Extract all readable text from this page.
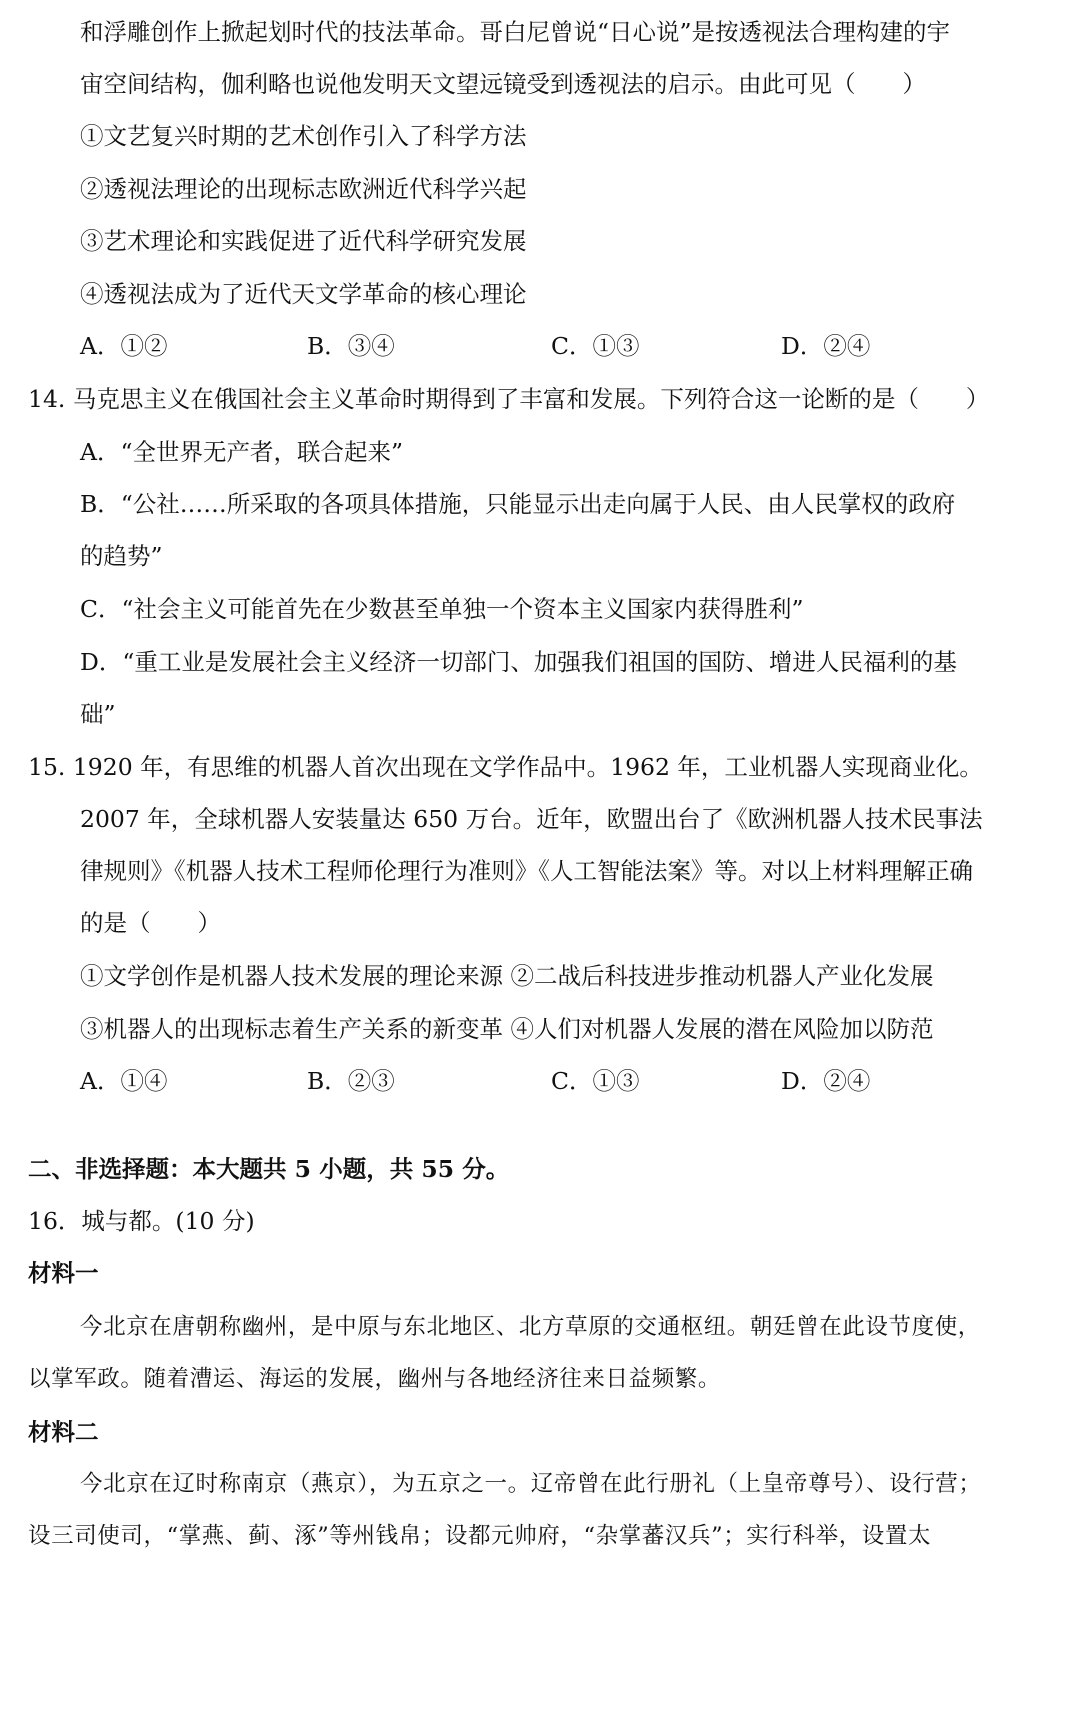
和浮雕创作上掀起划时代的技法革命。哥白尼曾说“日心说”是按透视法合理构建的宇
宙空间结构，伽利略也说他发明天文望远镜受到透视法的启示。由此可见（　　）
①文艺复兴时期的艺术创作引入了科学方法
②透视法理论的出现标志欧洲近代科学兴起
③艺术理论和实践促进了近代科学研究发展
④透视法成为了近代天文学革命的核心理论
A．①②	B．③④	C．①③	D．②④
14. 马克思主义在俄国社会主义革命时期得到了丰富和发展。下列符合这一论断的是（　　）
A．“全世界无产者，联合起来”
B．“公社……所采取的各项具体措施，只能显示出走向属于人民、由人民掌权的政府
的趋势”
C．“社会主义可能首先在少数甚至单独一个资本主义国家内获得胜利”
D．“重工业是发展社会主义经济一切部门、加强我们祖国的国防、增进人民福利的基
础”
15. 1920 年，有思维的机器人首次出现在文学作品中。1962 年，工业机器人实现商业化。
2007 年，全球机器人安装量达 650 万台。近年，欧盟出台了《欧洲机器人技术民事法
律规则》《机器人技术工程师伦理行为准则》《人工智能法案》等。对以上材料理解正确
的是（　　）
①文学创作是机器人技术发展的理论来源 ②二战后科技进步推动机器人产业化发展
③机器人的出现标志着生产关系的新变革 ④人们对机器人发展的潜在风险加以防范
A．①④	B．②③	C．①③	D．②④
二、非选择题：本大题共 5 小题，共 55 分。
16．城与都。(10 分)
材料一
今北京在唐朝称幽州，是中原与东北地区、北方草原的交通枢纽。朝廷曾在此设节度使，
以掌军政。随着漕运、海运的发展，幽州与各地经济往来日益频繁。
材料二
今北京在辽时称南京（燕京），为五京之一。辽帝曾在此行册礼（上皇帝尊号）、设行营；
设三司使司，“掌燕、蓟、涿”等州钱帛；设都元帅府，“杂掌蕃汉兵”；实行科举，设置太
